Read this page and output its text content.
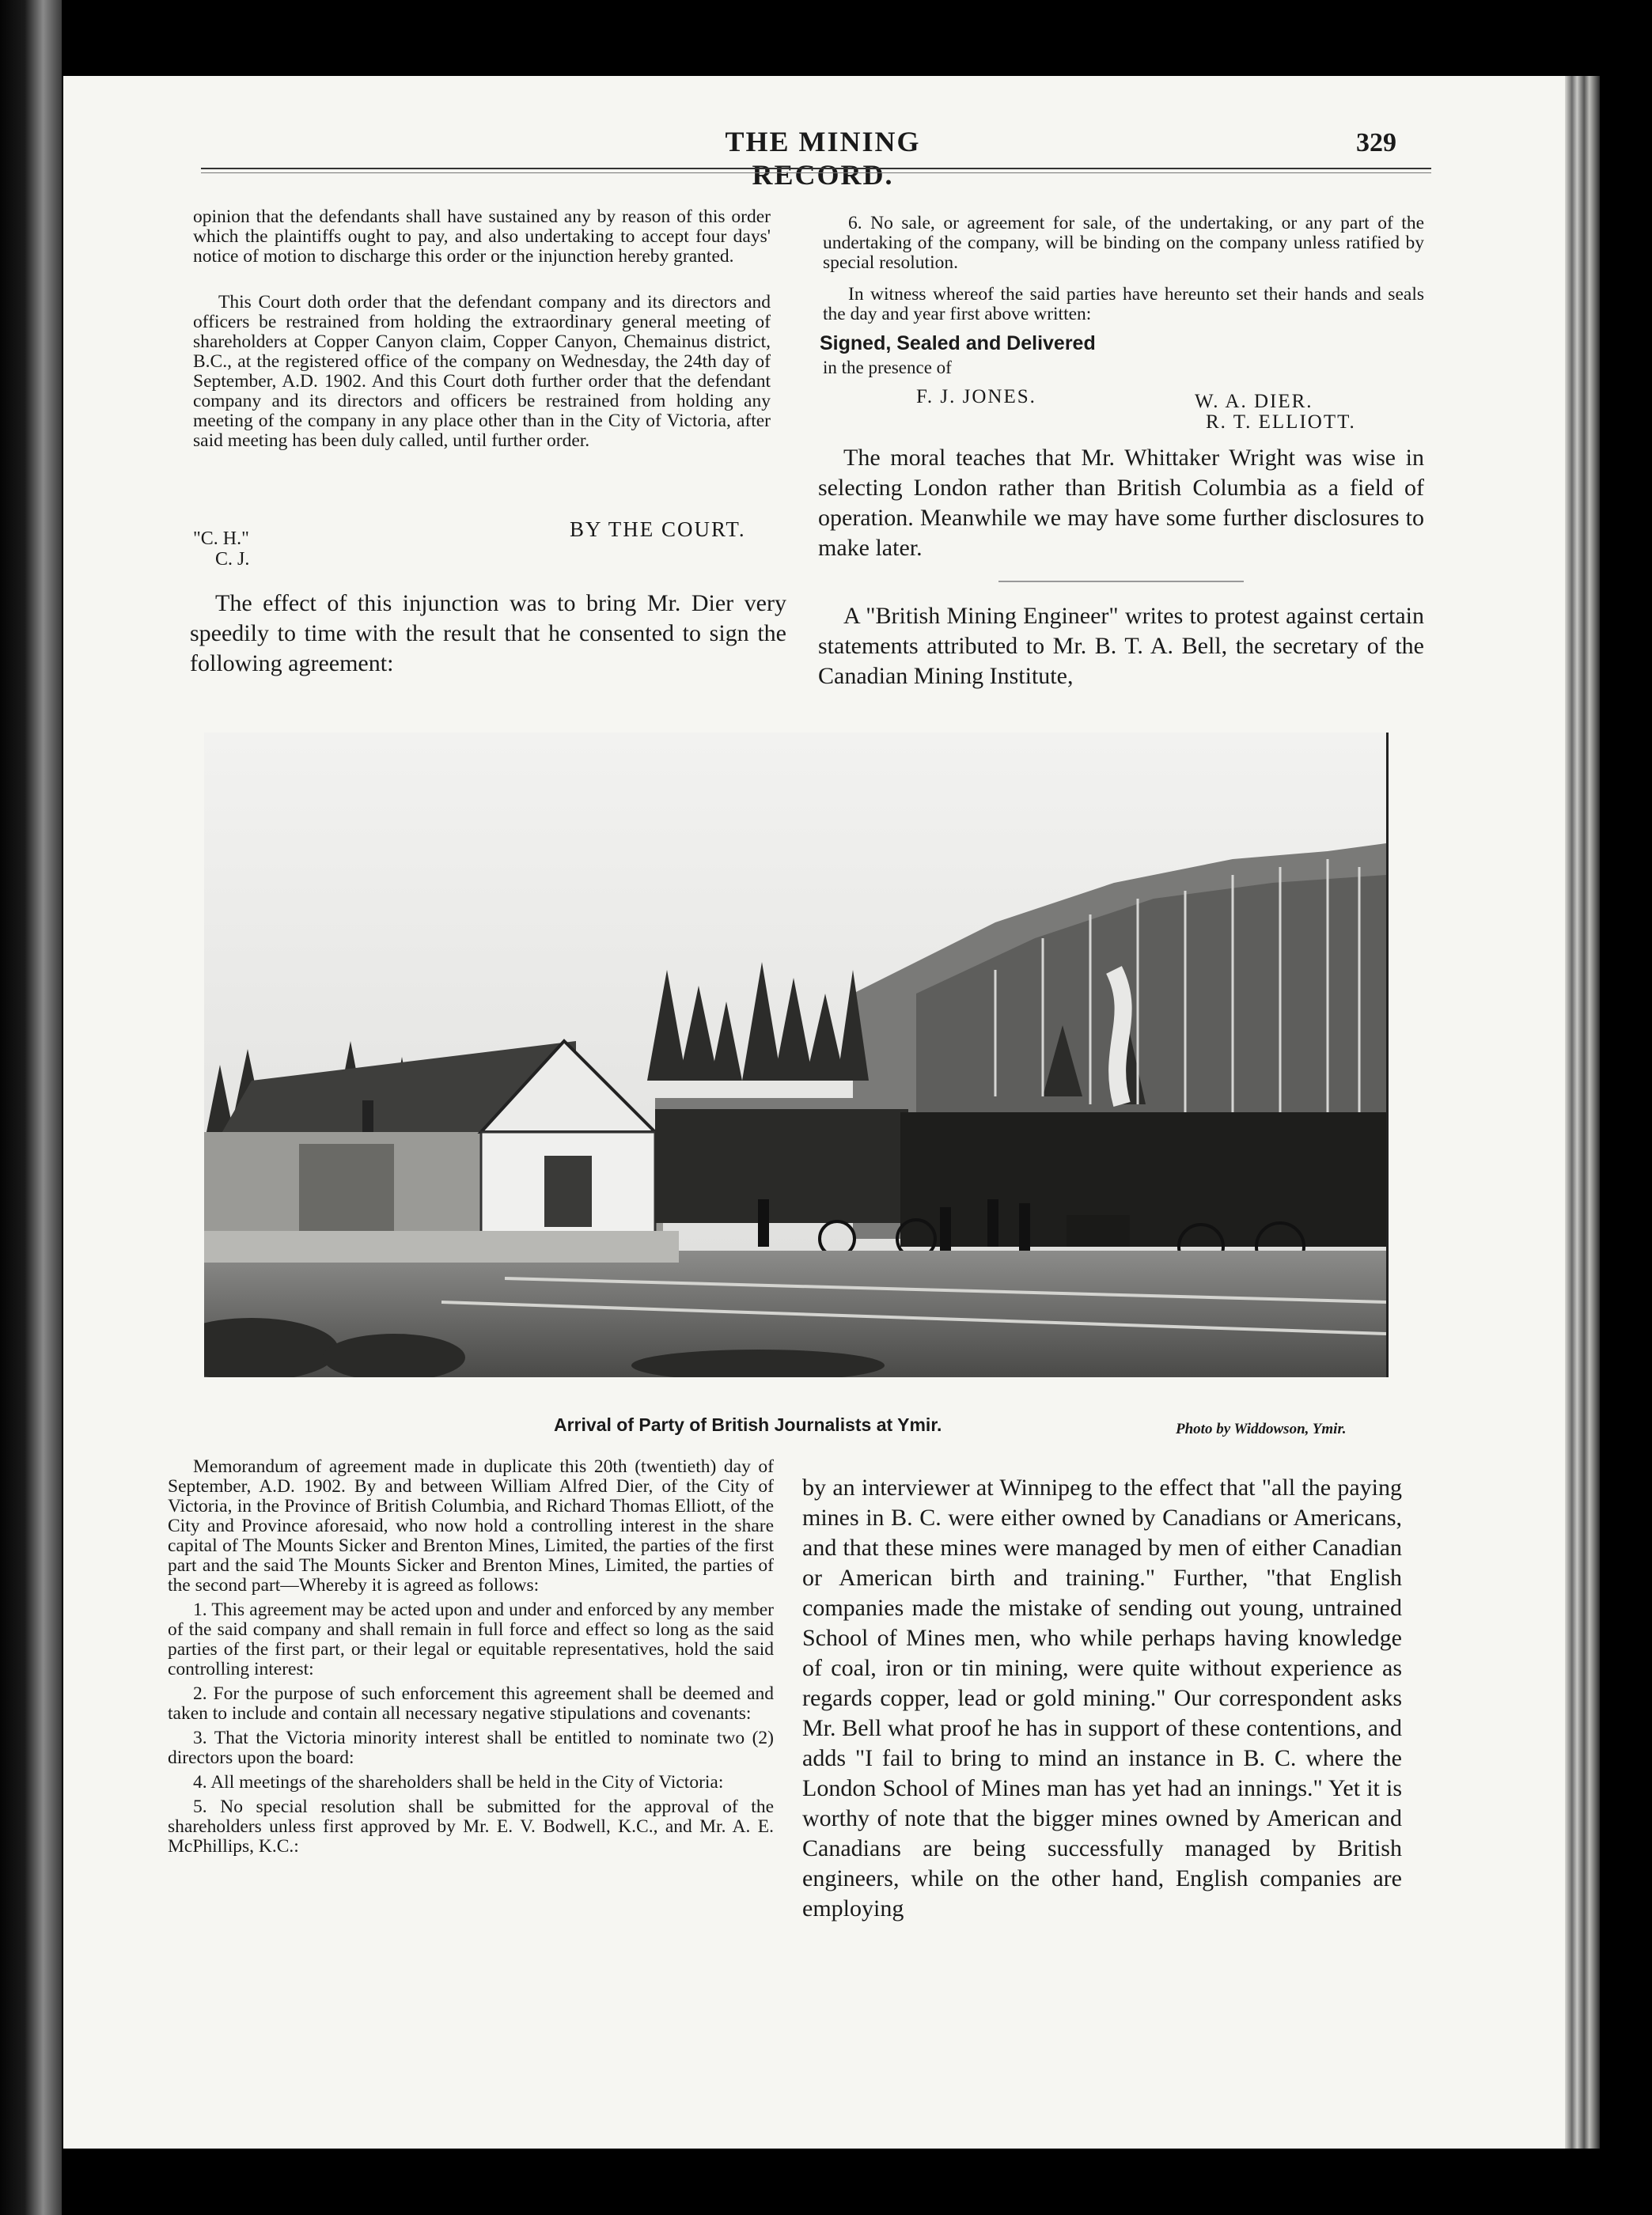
THE MINING RECORD.
329

opinion that the defendants shall have sustained any by reason of this order which the plaintiffs ought to pay, and also undertaking to accept four days' notice of motion to discharge this order or the injunction hereby granted.

This Court doth order that the defendant company and its directors and officers be restrained from holding the extraordinary general meeting of shareholders at Copper Canyon claim, Copper Canyon, Chemainus district, B.C., at the registered office of the company on Wednesday, the 24th day of September, A.D. 1902. And this Court doth further order that the defendant company and its directors and officers be restrained from holding any meeting of the company in any place other than in the City of Victoria, after said meeting has been duly called, until further order.

BY THE COURT.
"C. H."
C. J.

The effect of this injunction was to bring Mr. Dier very speedily to time with the result that he consented to sign the following agreement:

6. No sale, or agreement for sale, of the undertaking, or any part of the undertaking of the company, will be binding on the company unless ratified by special resolution.

In witness whereof the said parties have hereunto set their hands and seals the day and year first above written:

Signed, Sealed and Delivered
in the presence of
F. J. JONES.	W. A. DIER.
R. T. ELLIOTT.

The moral teaches that Mr. Whittaker Wright was wise in selecting London rather than British Columbia as a field of operation. Meanwhile we may have some further disclosures to make later.

A "British Mining Engineer" writes to protest against certain statements attributed to Mr. B. T. A. Bell, the secretary of the Canadian Mining Institute,

Arrival of Party of British Journalists at Ymir.	Photo by Widdowson, Ymir.

Memorandum of agreement made in duplicate this 20th (twentieth) day of September, A.D. 1902. By and between William Alfred Dier, of the City of Victoria, in the Province of British Columbia, and Richard Thomas Elliott, of the City and Province aforesaid, who now hold a controlling interest in the share capital of The Mounts Sicker and Brenton Mines, Limited, the parties of the first part and the said The Mounts Sicker and Brenton Mines, Limited, the parties of the second part—Whereby it is agreed as follows:

1. This agreement may be acted upon and under and enforced by any member of the said company and shall remain in full force and effect so long as the said parties of the first part, or their legal or equitable representatives, hold the said controlling interest:

2. For the purpose of such enforcement this agreement shall be deemed and taken to include and contain all necessary negative stipulations and covenants:

3. That the Victoria minority interest shall be entitled to nominate two (2) directors upon the board:

4. All meetings of the shareholders shall be held in the City of Victoria:

5. No special resolution shall be submitted for the approval of the shareholders unless first approved by Mr. E. V. Bodwell, K.C., and Mr. A. E. McPhillips, K.C.:

by an interviewer at Winnipeg to the effect that "all the paying mines in B. C. were either owned by Canadians or Americans, and that these mines were managed by men of either Canadian or American birth and training." Further, "that English companies made the mistake of sending out young, untrained School of Mines men, who while perhaps having knowledge of coal, iron or tin mining, were quite without experience as regards copper, lead or gold mining." Our correspondent asks Mr. Bell what proof he has in support of these contentions, and adds "I fail to bring to mind an instance in B. C. where the London School of Mines man has yet had an innings." Yet it is worthy of note that the bigger mines owned by American and Canadians are being successfully managed by British engineers, while on the other hand, English companies are employing
